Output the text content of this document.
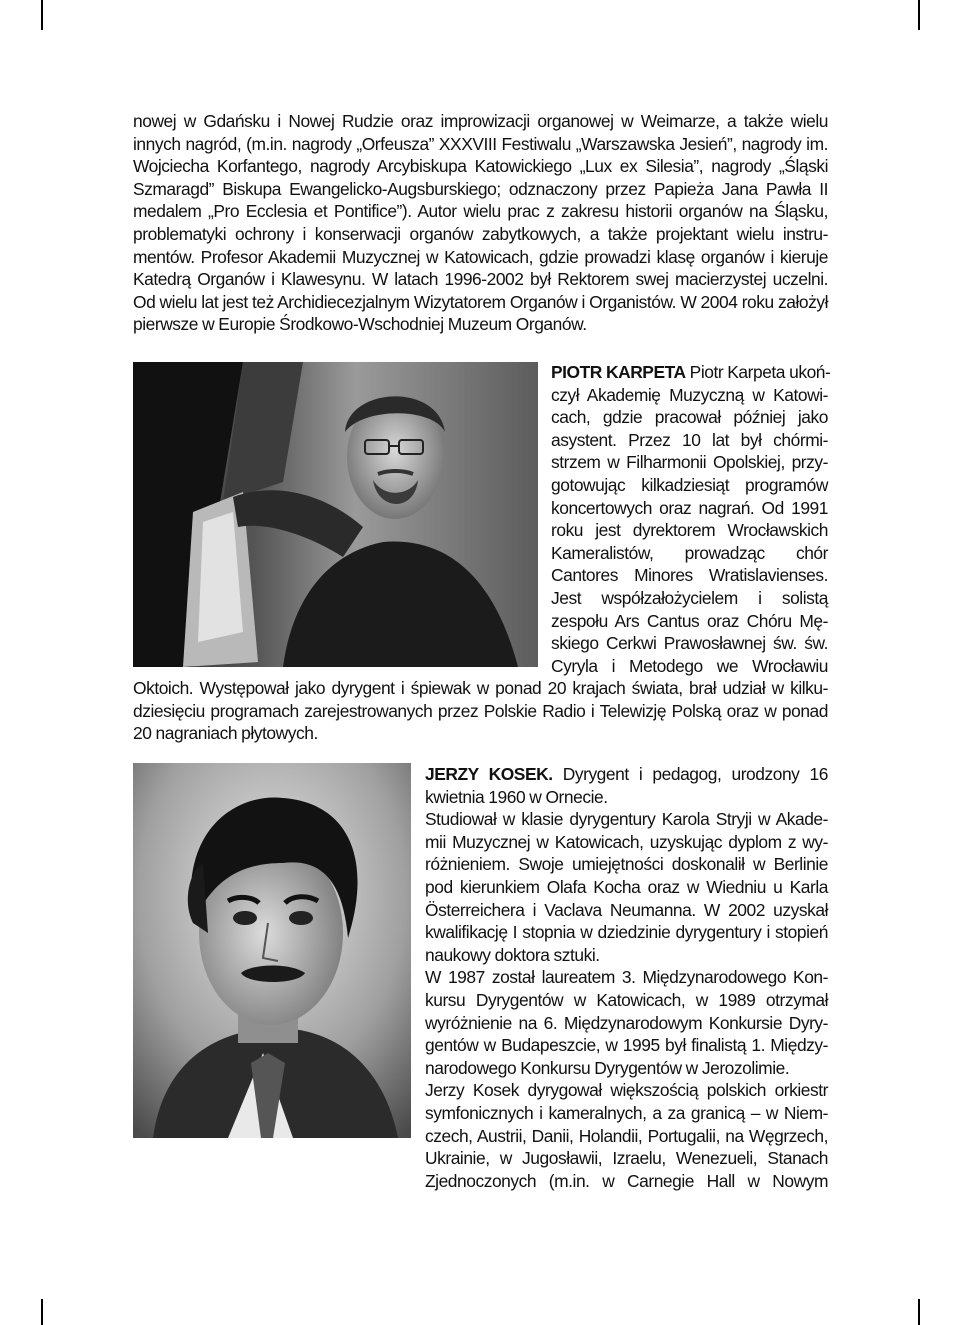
nowej w Gdańsku i Nowej Rudzie oraz improwizacji organowej w Weimarze, a także wielu
innych nagród, (m.in. nagrody „Orfeusza” XXXVIII Festiwalu „Warszawska Jesień”, nagrody im.
Wojciecha Korfantego, nagrody Arcybiskupa Katowickiego „Lux ex Silesia”, nagrody „Śląski
Szmaragd” Biskupa Ewangelicko-Augsburskiego; odznaczony przez Papieża Jana Pawła II
medalem „Pro Ecclesia et Pontifice”). Autor wielu prac z zakresu historii organów na Śląsku,
problematyki ochrony i konserwacji organów zabytkowych, a także projektant wielu instru-
mentów. Profesor Akademii Muzycznej w Katowicach, gdzie prowadzi klasę organów i kieruje
Katedrą Organów i Klawesynu. W latach 1996-2002 był Rektorem swej macierzystej uczelni.
Od wielu lat jest też Archidiecezjalnym Wizytatorem Organów i Organistów. W 2004 roku założył
pierwsze w Europie Środkowo-Wschodniej Muzeum Organów.
PIOTR KARPETA Piotr Karpeta ukoń-
czył Akademię Muzyczną w Katowi-
cach, gdzie pracował później jako
asystent. Przez 10 lat był chórmi-
strzem w Filharmonii Opolskiej, przy-
gotowując kilkadziesiąt programów
koncertowych oraz nagrań. Od 1991
roku jest dyrektorem Wrocławskich
Kameralistów, prowadząc chór
Cantores Minores Wratislavienses.
Jest współzałożycielem i solistą
zespołu Ars Cantus oraz Chóru Mę-
skiego Cerkwi Prawosławnej św. św.
Cyryla i Metodego we Wrocławiu
Oktoich. Występował jako dyrygent i śpiewak w ponad 20 krajach świata, brał udział w kilku-
dziesięciu programach zarejestrowanych przez Polskie Radio i Telewizję Polską oraz w ponad
20 nagraniach płytowych.
JERZY KOSEK. Dyrygent i pedagog, urodzony 16
kwietnia 1960 w Ornecie.
Studiował w klasie dyrygentury Karola Stryji w Akade-
mii Muzycznej w Katowicach, uzyskując dyplom z wy-
różnieniem. Swoje umiejętności doskonalił w Berlinie
pod kierunkiem Olafa Kocha oraz w Wiedniu u Karla
Österreichera i Vaclava Neumanna. W 2002 uzyskał
kwalifikację I stopnia w dziedzinie dyrygentury i stopień
naukowy doktora sztuki.
W 1987 został laureatem 3. Międzynarodowego Kon-
kursu Dyrygentów w Katowicach, w 1989 otrzymał
wyróżnienie na 6. Międzynarodowym Konkursie Dyry-
gentów w Budapeszcie, w 1995 był finalistą 1. Między-
narodowego Konkursu Dyrygentów w Jerozolimie.
Jerzy Kosek dyrygował większością polskich orkiestr
symfonicznych i kameralnych, a za granicą – w Niem-
czech, Austrii, Danii, Holandii, Portugalii, na Węgrzech,
Ukrainie, w Jugosławii, Izraelu, Wenezueli, Stanach
Zjednoczonych (m.in. w Carnegie Hall w Nowym
